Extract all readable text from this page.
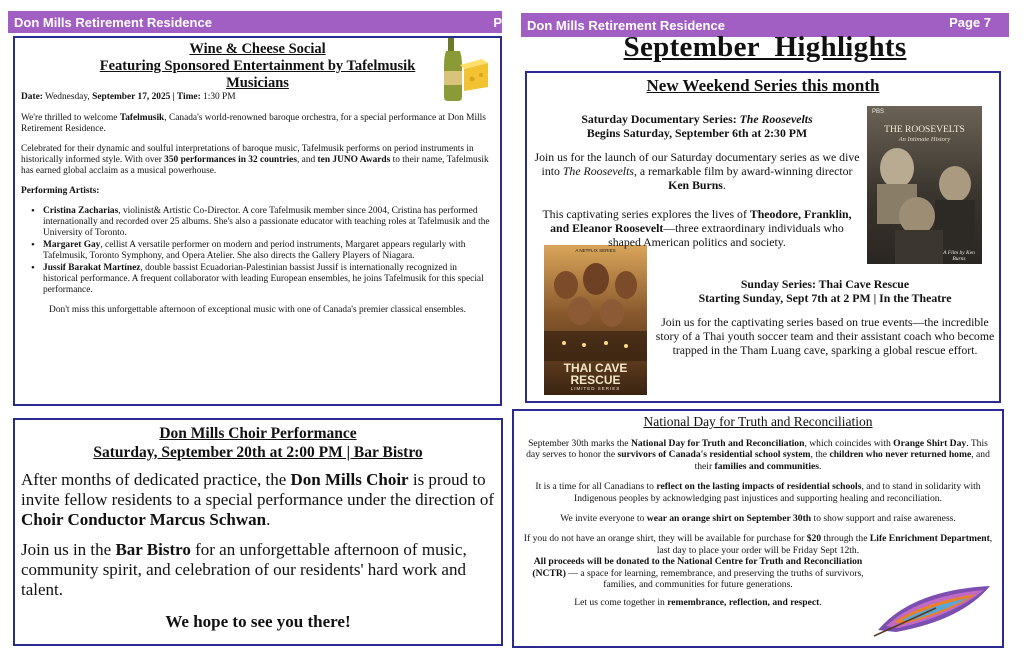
Don Mills Retirement Residence	P Don Mills Retirement Residence	Page 7
September  Highlights
Wine & Cheese Social
Featuring Sponsored Entertainment by Tafelmusik
Musicians

Date: Wednesday, September 17, 2025 | Time: 1:30 PM

We're thrilled to welcome Tafelmusik, Canada's world-renowned baroque orchestra, for a special performance at Don Mills Retirement Residence.

Celebrated for their dynamic and soulful interpretations of baroque music, Tafelmusik performs on period instruments in historically informed style. With over 350 performances in 32 countries, and ten JUNO Awards to their name, Tafelmusik has earned global acclaim as a musical powerhouse.

Performing Artists:

• Cristina Zacharias, violinist& Artistic Co-Director. A core Tafelmusik member since 2004, Cristina has performed internationally and recorded over 25 albums. She's also a passionate educator with teaching roles at Tafelmusik and the University of Toronto.
• Margaret Gay, cellist A versatile performer on modern and period instruments, Margaret appears regularly with Tafelmusik, Toronto Symphony, and Opera Atelier. She also directs the Gallery Players of Niagara.
• Jussif Barakat Martínez, double bassist Ecuadorian-Palestinian bassist Jussif is internationally recognized in historical performance. A frequent collaborator with leading European ensembles, he joins Tafelmusik for this special performance.

Don't miss this unforgettable afternoon of exceptional music with one of Canada's premier classical ensembles.

Don Mills Choir Performance
Saturday, September 20th at 2:00 PM | Bar Bistro

After months of dedicated practice, the Don Mills Choir is proud to invite fellow residents to a special performance under the direction of Choir Conductor Marcus Schwan.

Join us in the Bar Bistro for an unforgettable afternoon of music, community spirit, and celebration of our residents' hard work and talent.

We hope to see you there!

New Weekend Series this month
PBS
THE ROOSEVELTS
An Intimate History
A Film by Ken Burns
A NETFLIX SERIES
THAI CAVE
RESCUE
LIMITED SERIES

Saturday Documentary Series: The Roosevelts

Begins Saturday, September 6th at 2:30 PM

Join us for the launch of our Saturday documentary series as we dive into The Roosevelts, a remarkable film by award-winning director Ken Burns.

This captivating series explores the lives of Theodore, Franklin, and Eleanor Roosevelt—three extraordinary individuals who shaped American politics and society.

Sunday Series: Thai Cave Rescue

Starting Sunday, Sept 7th at 2 PM | In the Theatre

Join us for the captivating series based on true events—the incredible story of a Thai youth soccer team and their assistant coach who become trapped in the Tham Luang cave, sparking a global rescue effort.

National Day for Truth and Reconciliation

September 30th marks the National Day for Truth and Reconciliation, which coincides with Orange Shirt Day. This day serves to honor the survivors of Canada's residential school system, the children who never returned home, and their families and communities.

It is a time for all Canadians to reflect on the lasting impacts of residential schools, and to stand in solidarity with Indigenous peoples by acknowledging past injustices and supporting healing and reconciliation.

We invite everyone to wear an orange shirt on September 30th to show support and raise awareness.

If you do not have an orange shirt, they will be available for purchase for $20 through the Life Enrichment Department, last day to place your order will be Friday Sept 12th.

All proceeds will be donated to the National Centre for Truth and Reconciliation (NCTR) — a space for learning, remembrance, and preserving the truths of survivors, families, and communities for future generations.

Let us come together in remembrance, reflection, and respect.
